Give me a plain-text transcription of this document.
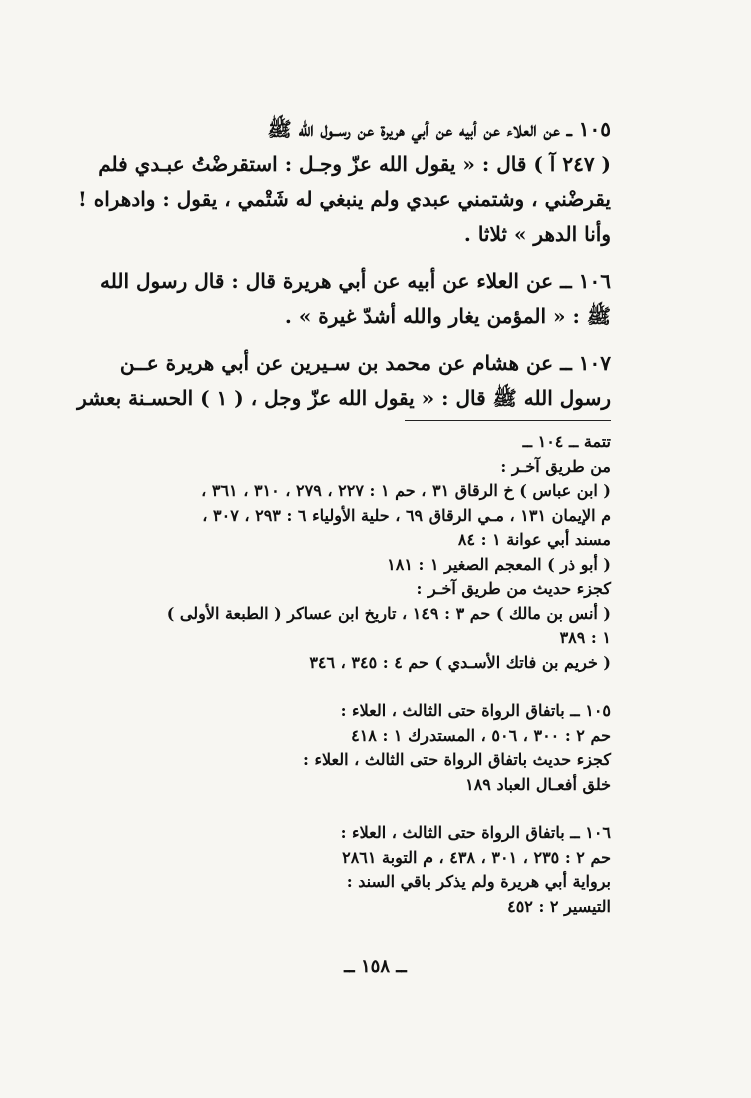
١٠٥ ــ عن العلاء عن أبيه عن أبي هريرة عن رســول الله ﷺ
( ٢٤٧ آ ) قال : « يقول الله عزّ وجـل : استقرضْتُ عبـدي فلم
يقرضْني ، وشتمني عبدي ولم ينبغي له شَتْمي ، يقول : وادهراه !
وأنا الدهر » ثلاثا .

١٠٦ ــ عن العلاء عن أبيه عن أبي هريرة قال : قال رسول الله
ﷺ : « المؤمن يغار والله أشدّ غيرة » .

١٠٧ ــ عن هشام عن محمد بن سـيرين عن أبي هريرة عــن
رسول الله ﷺ قال : « يقول الله عزّ وجل ، ( ١ ) الحسـنة بعشر

تتمة ــ ١٠٤ ــ
من طريق آخـر :
( ابن عباس ) خ الرقاق ٣١ ، حم ١ : ٢٢٧ ، ٢٧٩ ، ٣١٠ ، ٣٦١ ،
م الإيمان ١٣١ ، مـي الرقاق ٦٩ ، حلية الأولياء ٦ : ٢٩٣ ، ٣٠٧ ،
مسند أبي عوانة ١ : ٨٤
( أبو ذر ) المعجم الصغير ١ : ١٨١
كجزء حديث من طريق آخـر :
( أنس بن مالك ) حم ٣ : ١٤٩ ، تاريخ ابن عساكر ( الطبعة الأولى )
١ : ٣٨٩
( خريم بن فاتك الأسـدي ) حم ٤ : ٣٤٥ ، ٣٤٦
١٠٥ ــ باتفاق الرواة حتى الثالث ، العلاء :
حم ٢ : ٣٠٠ ، ٥٠٦ ، المستدرك ١ : ٤١٨
كجزء حديث باتفاق الرواة حتى الثالث ، العلاء :
خلق أفعـال العباد ١٨٩
١٠٦ ــ باتفاق الرواة حتى الثالث ، العلاء :
حم ٢ : ٢٣٥ ، ٣٠١ ، ٤٣٨ ، م التوبة ٢٨٦١
برواية أبي هريرة ولم يذكر باقي السند :
التيسير ٢ : ٤٥٢
ــ ١٥٨ ــ
